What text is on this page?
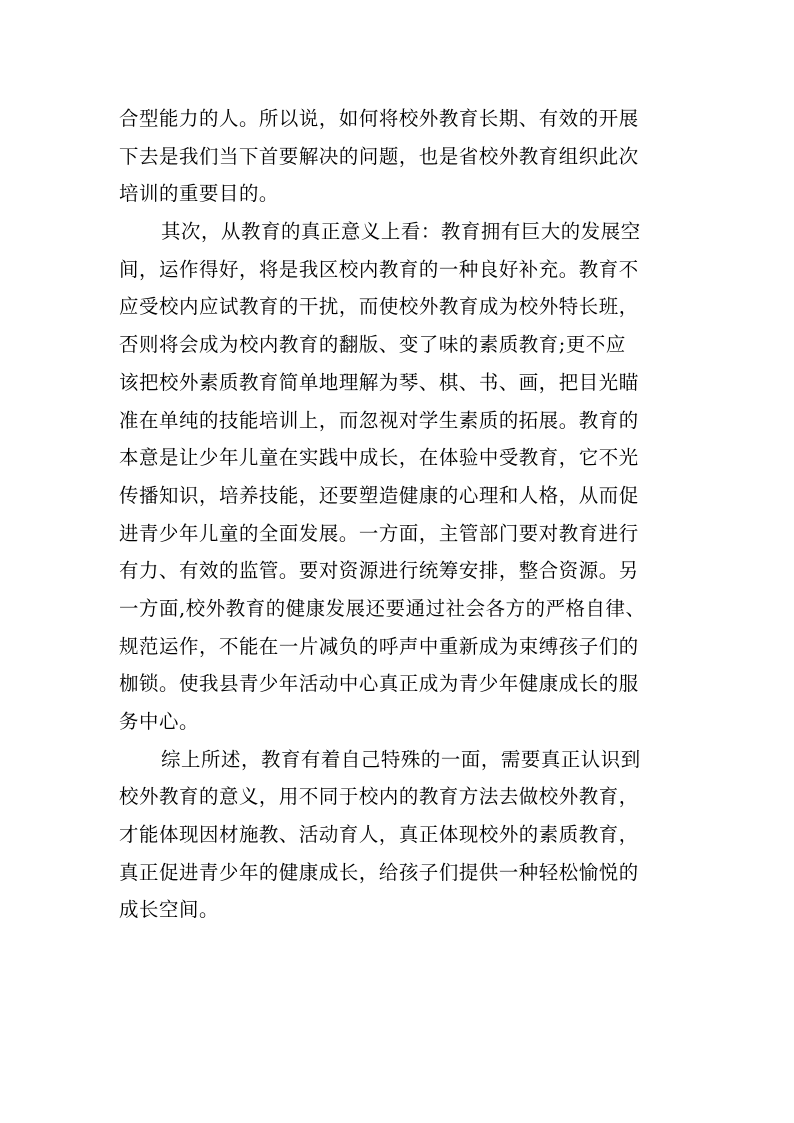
合型能力的人。所以说，如何将校外教育长期、有效的开展
下去是我们当下首要解决的问题，也是省校外教育组织此次
培训的重要目的。
其次，从教育的真正意义上看：教育拥有巨大的发展空
间，运作得好，将是我区校内教育的一种良好补充。教育不
应受校内应试教育的干扰，而使校外教育成为校外特长班，
否则将会成为校内教育的翻版、变了味的素质教育;更不应
该把校外素质教育简单地理解为琴、棋、书、画，把目光瞄
准在单纯的技能培训上，而忽视对学生素质的拓展。教育的
本意是让少年儿童在实践中成长，在体验中受教育，它不光
传播知识，培养技能，还要塑造健康的心理和人格，从而促
进青少年儿童的全面发展。一方面，主管部门要对教育进行
有力、有效的监管。要对资源进行统筹安排，整合资源。另
一方面,校外教育的健康发展还要通过社会各方的严格自律、
规范运作，不能在一片减负的呼声中重新成为束缚孩子们的
枷锁。使我县青少年活动中心真正成为青少年健康成长的服
务中心。
综上所述，教育有着自己特殊的一面，需要真正认识到
校外教育的意义，用不同于校内的教育方法去做校外教育，
才能体现因材施教、活动育人，真正体现校外的素质教育，
真正促进青少年的健康成长，给孩子们提供一种轻松愉悦的
成长空间。
